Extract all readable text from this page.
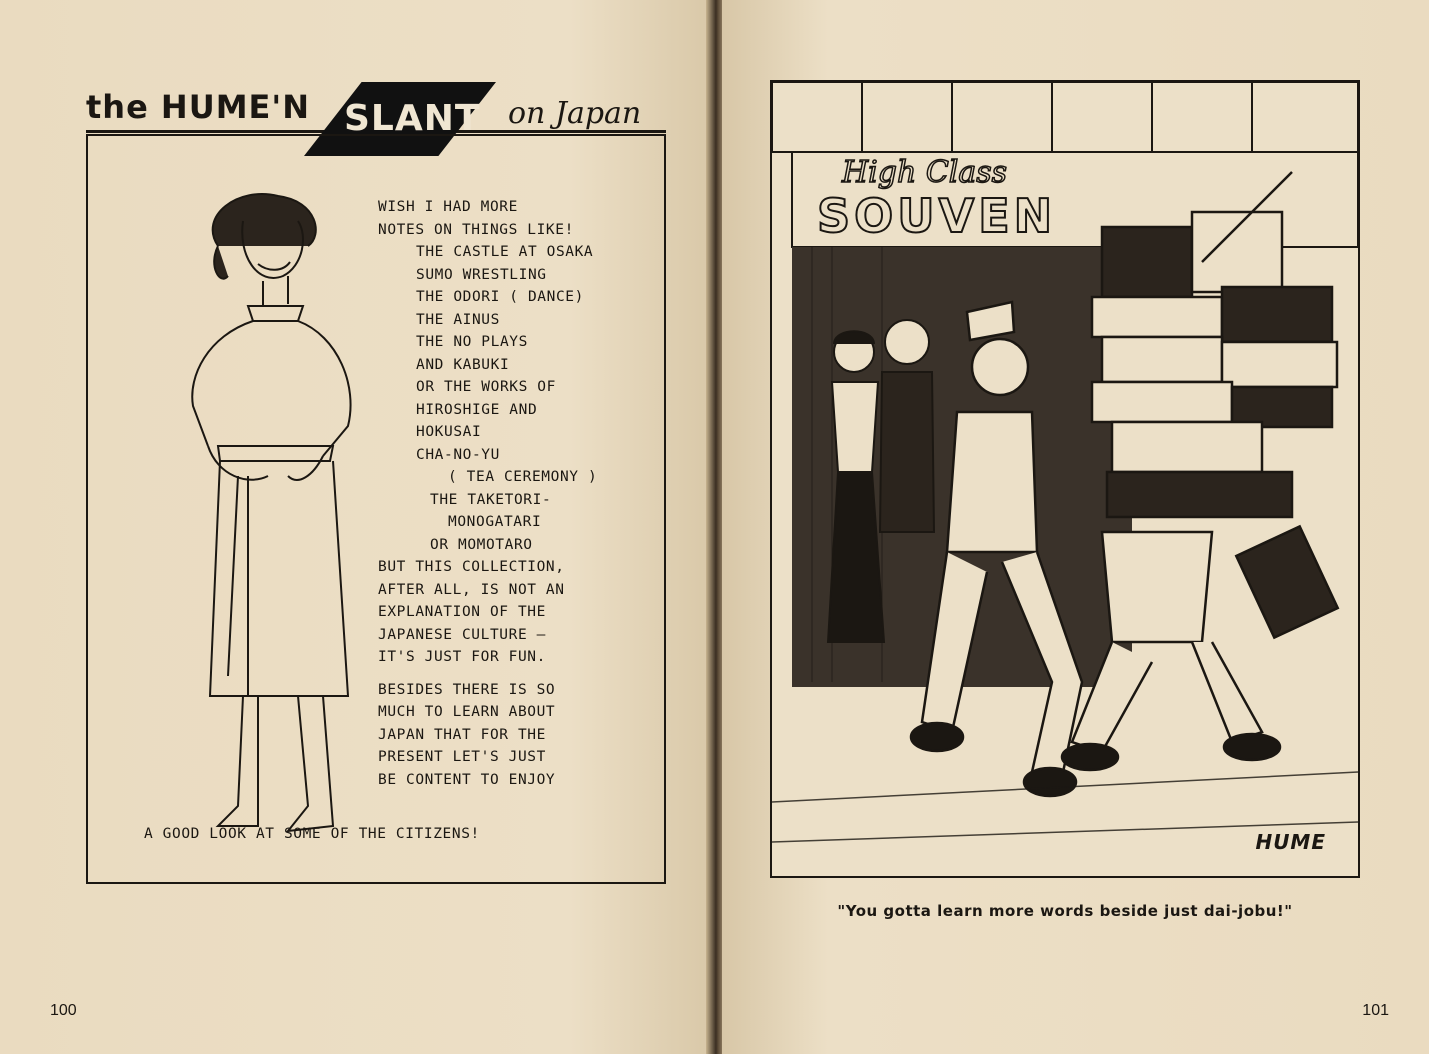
the HUME'N SLANT on Japan
WISH I HAD MORE
NOTES ON THINGS LIKE!
THE CASTLE AT OSAKA
SUMO WRESTLING
THE ODORI ( DANCE)
THE AINUS
THE NO PLAYS
AND KABUKI
OR THE WORKS OF
HIROSHIGE AND
HOKUSAI
CHA-NO-YU
( TEA CEREMONY )
THE TAKETORI-
MONOGATARI
OR MOMOTARO
BUT THIS COLLECTION,
AFTER ALL, IS NOT AN
EXPLANATION OF THE
JAPANESE CULTURE —
IT'S JUST FOR FUN.
BESIDES THERE IS SO
MUCH TO LEARN ABOUT
JAPAN THAT FOR THE
PRESENT LET'S JUST
BE CONTENT TO ENJOY
A GOOD LOOK AT SOME OF THE CITIZENS!
100
High Class
SOUVEN
HUME
"You gotta learn more words beside just dai-jobu!"
101
